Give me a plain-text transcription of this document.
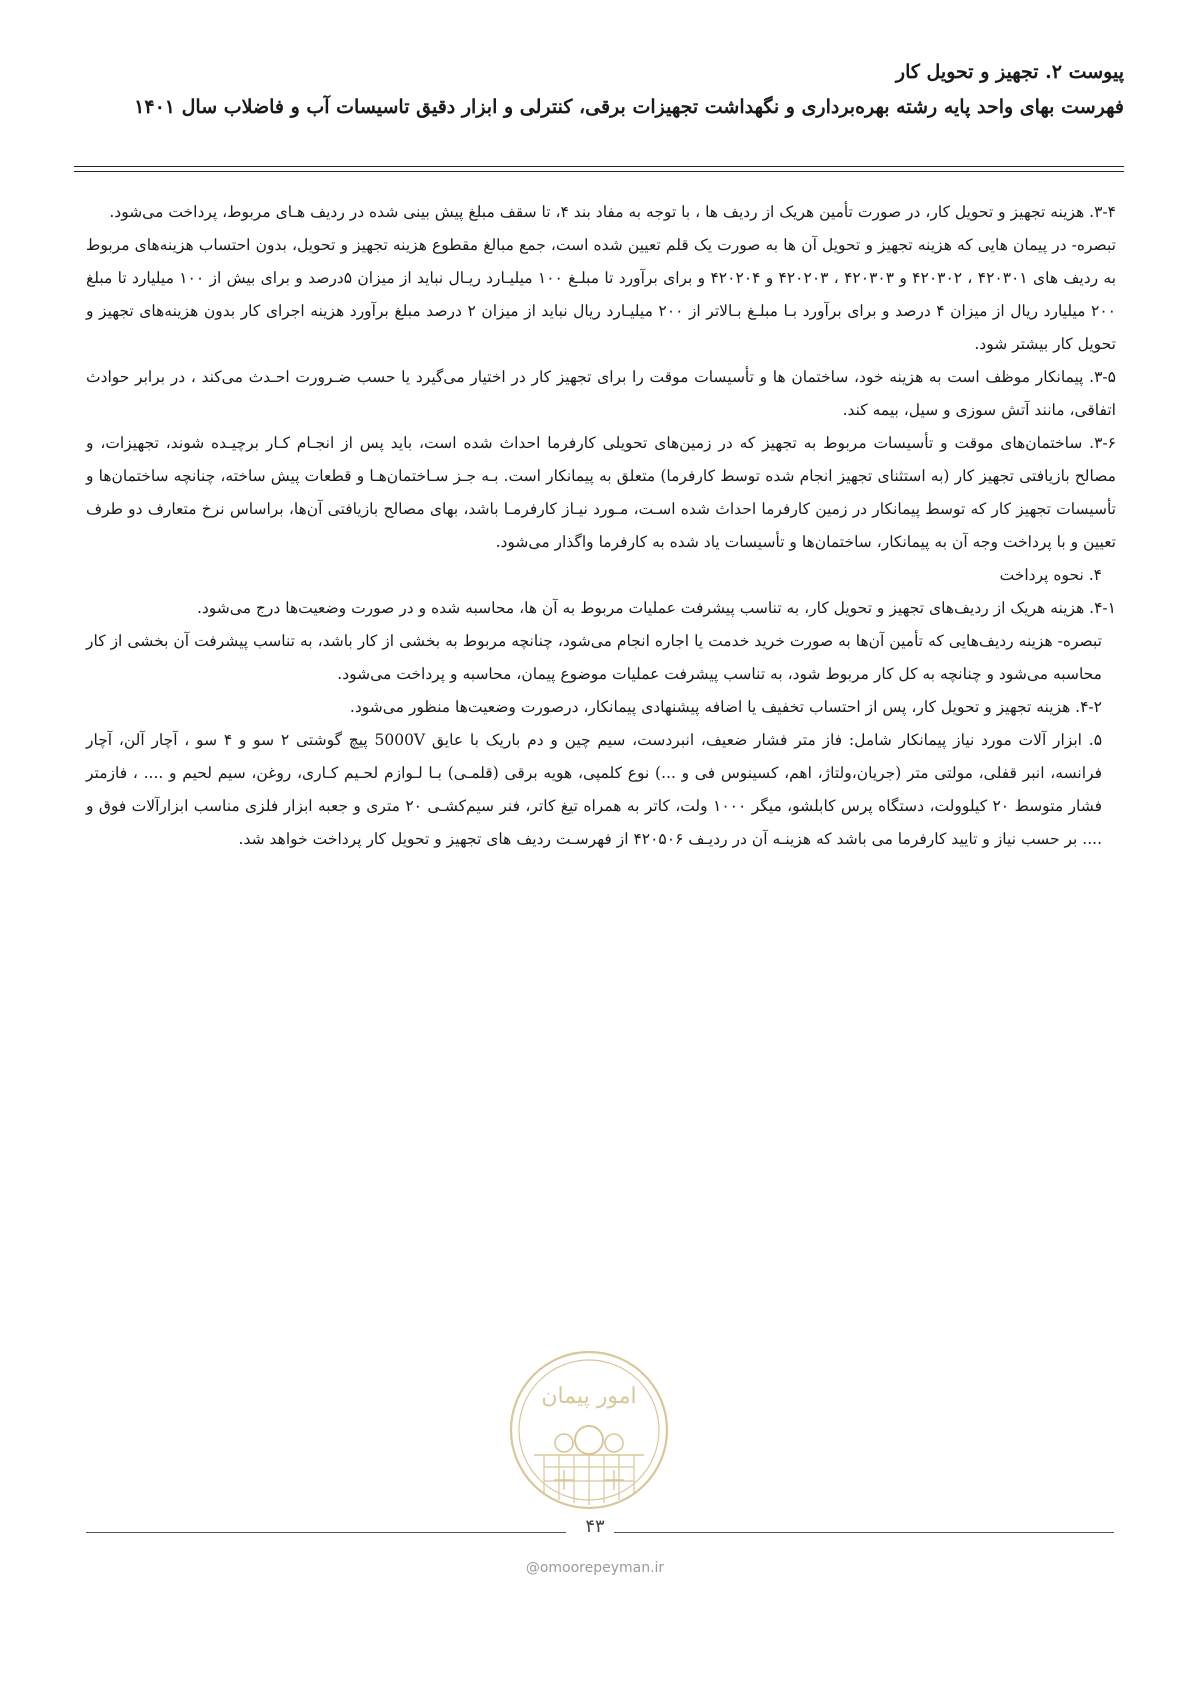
پیوست ۲. تجهیز و تحویل کار

فهرست بهای واحد پایه رشته بهره‌برداری و نگهداشت تجهیزات برقی، کنترلی و ابزار دقیق تاسیسات آب و فاضلاب سال ۱۴۰۱

۳-۴. هزینه تجهیز و تحویل کار، در صورت تأمین هریک از ردیف ها ، با توجه به مفاد بند ۴، تا سقف مبلغ پیش بینی شده در ردیف هـای مربوط، پرداخت می‌شود.

تبصره- در پیمان هایی که هزینه تجهیز و تحویل آن ها به صورت یک قلم تعیین شده است، جمع مبالغ مقطوع هزینه تجهیز و تحویل، بدون احتساب هزینه‌های مربوط به ردیف های ۴۲۰۳۰۱ ، ۴۲۰۳۰۲ و ۴۲۰۳۰۳ ، ۴۲۰۲۰۳ و ۴۲۰۲۰۴ و برای برآورد تا مبلـغ ۱۰۰ میلیـارد ریـال نباید از میزان ۵درصد و برای بیش از ۱۰۰ میلیارد تا مبلغ ۲۰۰ میلیارد ریال از میزان ۴ درصد و برای برآورد بـا مبلـغ بـالاتر از ۲۰۰ میلیـارد ریال نباید از میزان ۲ درصد مبلغ برآورد هزینه اجرای کار بدون هزینه‌های تجهیز و تحویل کار بیشتر شود.

۳-۵. پیمانکار موظف است به هزینه خود، ساختمان ها و تأسیسات موقت را برای تجهیز کار در اختیار می‌گیرد یا حسب ضـرورت احـدث می‌کند ، در برابر حوادث اتفاقی، مانند آتش سوزی و سیل، بیمه کند.

۳-۶. ساختمان‌های موقت و تأسیسات مربوط به تجهیز که در زمین‌های تحویلی کارفرما احداث شده است، باید پس از انجـام کـار برچیـده شوند، تجهیزات، و مصالح بازیافتی تجهیز کار (به استثنای تجهیز انجام شده توسط کارفرما) متعلق به پیمانکار است. بـه جـز سـاختمان‌هـا و قطعات پیش ساخته، چنانچه ساختمان‌ها و تأسیسات تجهیز کار که توسط پیمانکار در زمین کارفرما احداث شده اسـت، مـورد نیـاز کارفرمـا باشد، بهای مصالح بازیافتی آن‌ها، براساس نرخ متعارف دو طرف تعیین و با پرداخت وجه آن به پیمانکار، ساختمان‌ها و تأسیسات یاد شده به کارفرما واگذار می‌شود.

۴. نحوه پرداخت

۴-۱. هزینه هریک از ردیف‌های تجهیز و تحویل کار، به تناسب پیشرفت عملیات مربوط به آن ها، محاسبه شده و در صورت وضعیت‌ها درج می‌شود.

تبصره- هزینه ردیف‌هایی که تأمین آن‌ها به صورت خرید خدمت یا اجاره انجام می‌شود، چنانچه مربوط به بخشی از کار باشد، به تناسب پیشرفت آن بخشی از کار محاسبه می‌شود و چنانچه به کل کار مربوط شود، به تناسب پیشرفت عملیات موضوع پیمان، محاسبه و پرداخت می‌شود.

۴-۲. هزینه تجهیز و تحویل کار، پس از احتساب تخفیف یا اضافه پیشنهادی پیمانکار، درصورت وضعیت‌ها منظور می‌شود.

۵. ابزار آلات مورد نیاز پیمانکار شامل: فاز متر فشار ضعیف، انبردست، سیم چین و دم باریک با عایق 5000V پیچ گوشتی ۲ سو و ۴ سو ، آچار آلن، آچار فرانسه، انبر قفلی، مولتی متر (جریان،ولتاژ، اهم، کسینوس فی و ...) نوع کلمپی، هویه برقی (قلمـی) بـا لـوازم لحـیم کـاری، روغن، سیم لحیم و .... ، فازمتر فشار متوسط ۲۰ کیلوولت، دستگاه پرس کابلشو، میگر ۱۰۰۰ ولت، کاتر به همراه تیغ کاتر، فنر سیم‌کشـی ۲۰ متری و جعبه ابزار فلزی مناسب ابزارآلات فوق و .... بر حسب نیاز و تایید کارفرما می باشد که هزینـه آن در ردیـف ۴۲۰۵۰۶ از فهرسـت ردیف های تجهیز و تحویل کار پرداخت خواهد شد.

امور پیمان
۴۳
@omoorepeyman.ir
